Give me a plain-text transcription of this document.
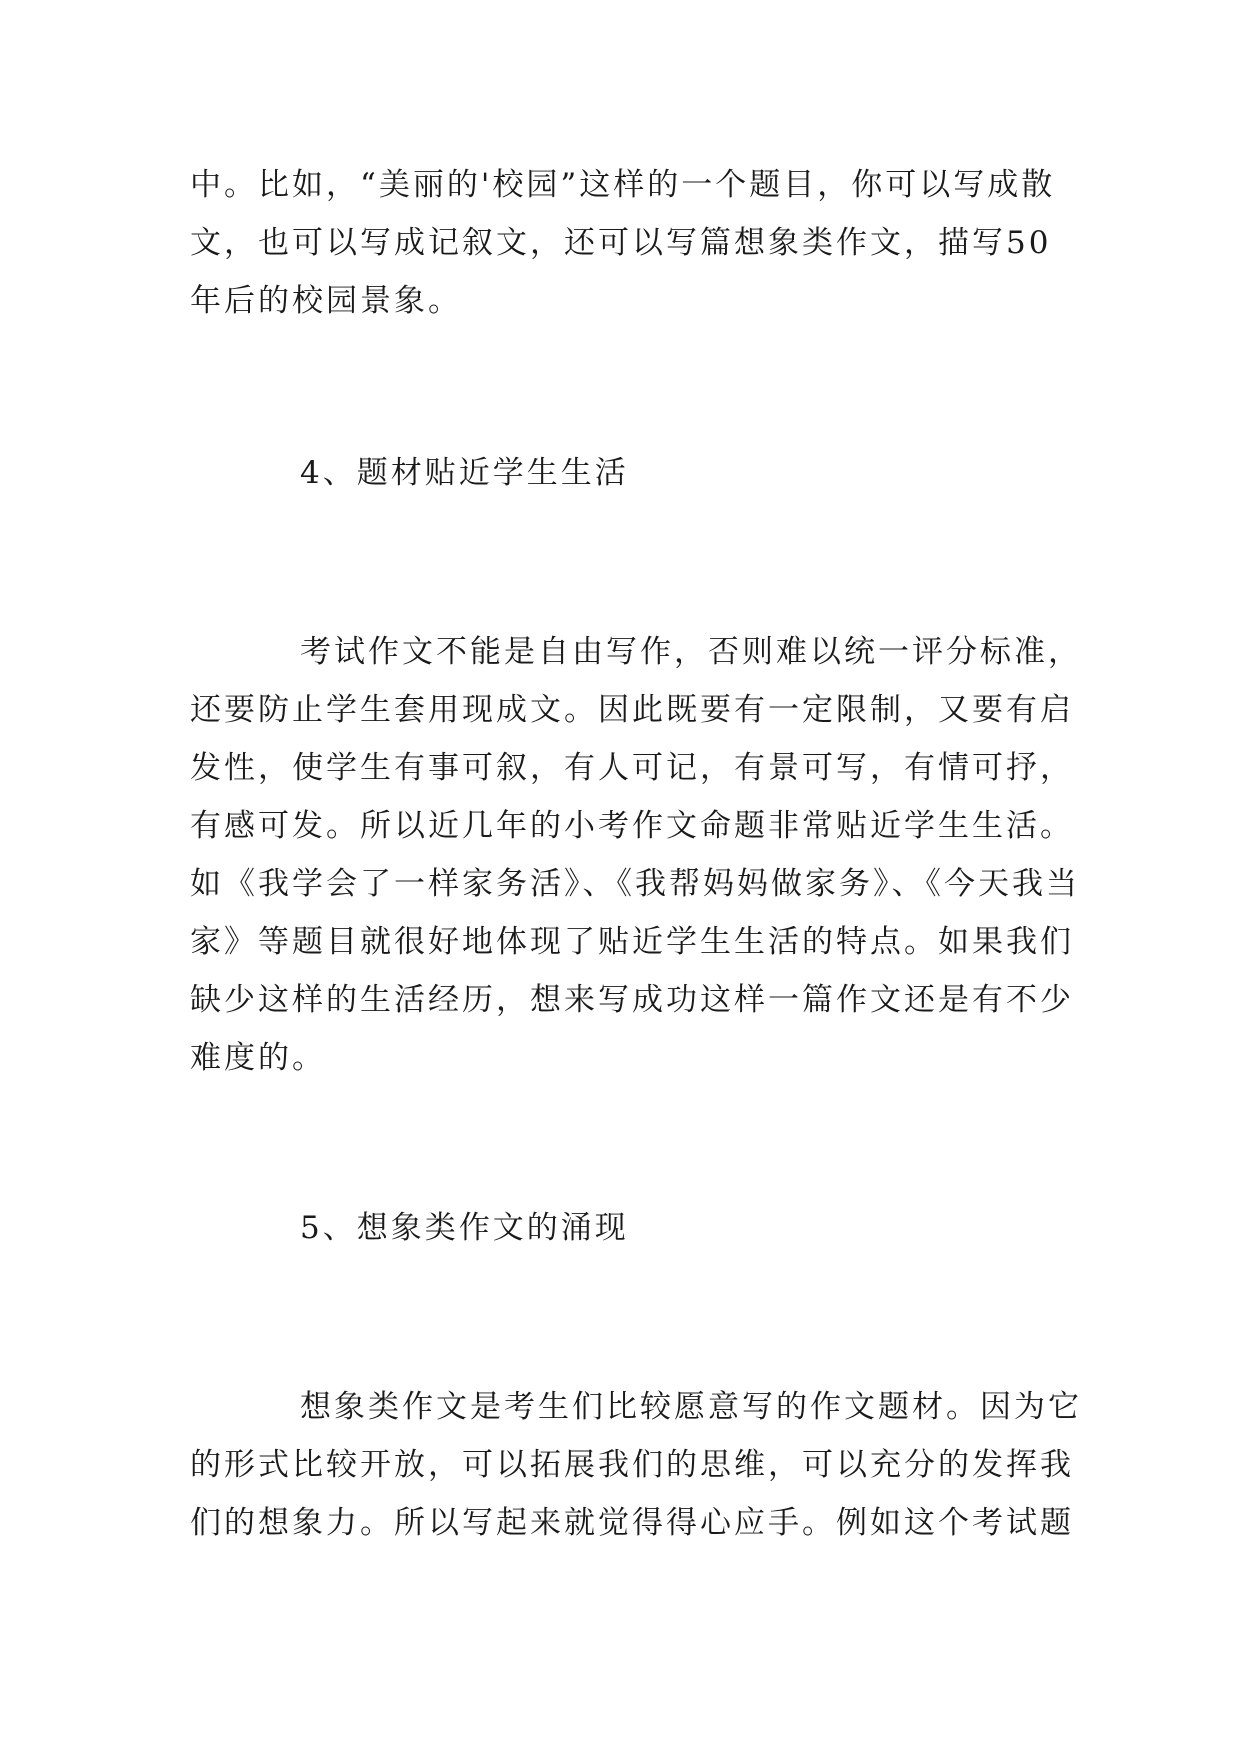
中。比如，“美丽的'校园”这样的一个题目，你可以写成散
文，也可以写成记叙文，还可以写篇想象类作文，描写50
年后的校园景象。
4、题材贴近学生生活
考试作文不能是自由写作，否则难以统一评分标准，
还要防止学生套用现成文。因此既要有一定限制，又要有启
发性，使学生有事可叙，有人可记，有景可写，有情可抒，
有感可发。所以近几年的小考作文命题非常贴近学生生活。
如《我学会了一样家务活》、《我帮妈妈做家务》、《今天我当
家》等题目就很好地体现了贴近学生生活的特点。如果我们
缺少这样的生活经历，想来写成功这样一篇作文还是有不少
难度的。
5、想象类作文的涌现
想象类作文是考生们比较愿意写的作文题材。因为它
的形式比较开放，可以拓展我们的思维，可以充分的发挥我
们的想象力。所以写起来就觉得得心应手。例如这个考试题
